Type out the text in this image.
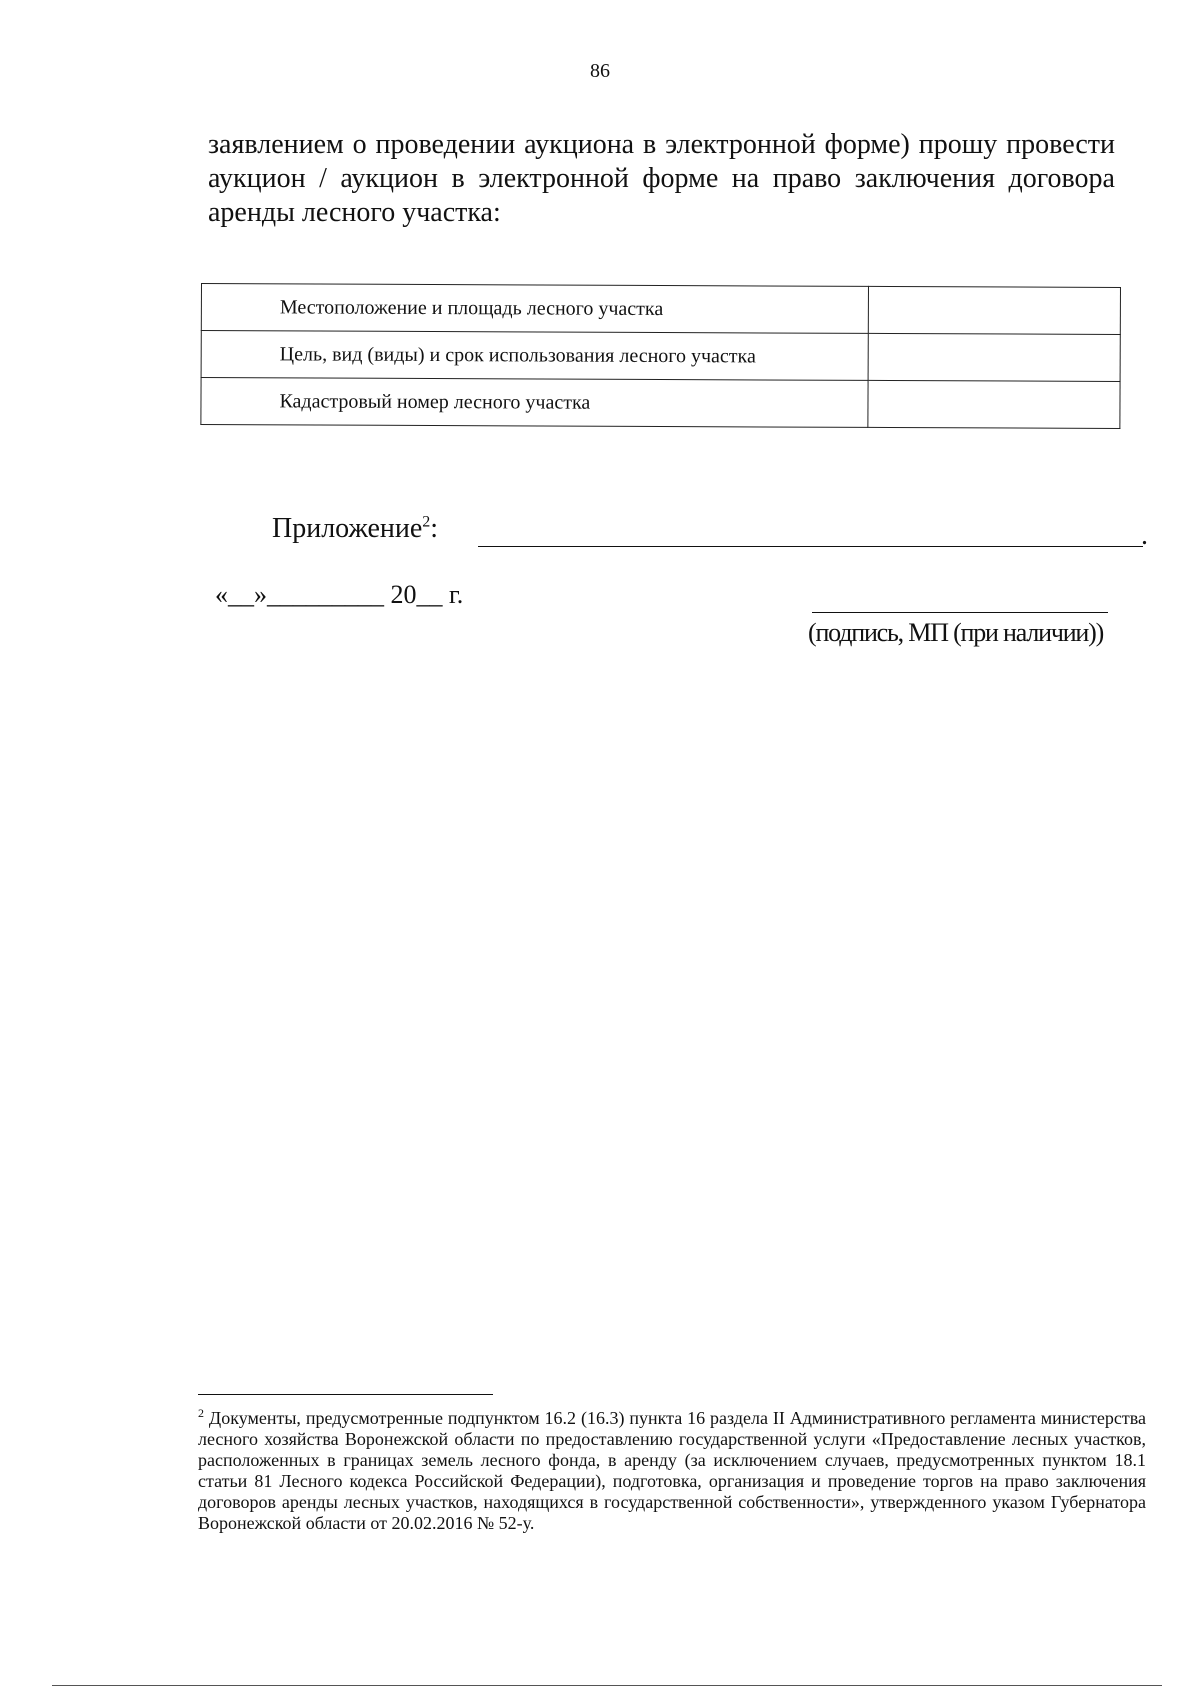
86

заявлением о проведении аукциона в электронной форме) прошу провести аукцион / аукцион в электронной форме на право заключения договора аренды лесного участка:

Местоположение и площадь лесного участка	
Цель, вид (виды) и срок использования лесного участка	
Кадастровый номер лесного участка	
Приложение$^2$:	.
«__»_________ 20__ г.
(подпись, МП (при наличии))

$^2$ Документы, предусмотренные подпунктом 16.2 (16.3) пункта 16 раздела II Административного регламента министерства лесного хозяйства Воронежской области по предоставлению государственной услуги «Предоставление лесных участков, расположенных в границах земель лесного фонда, в аренду (за исключением случаев, предусмотренных пунктом 18.1 статьи 81 Лесного кодекса Российской Федерации), подготовка, организация и проведение торгов на право заключения договоров аренды лесных участков, находящихся в государственной собственности», утвержденного указом Губернатора Воронежской области от 20.02.2016 № 52-у.
